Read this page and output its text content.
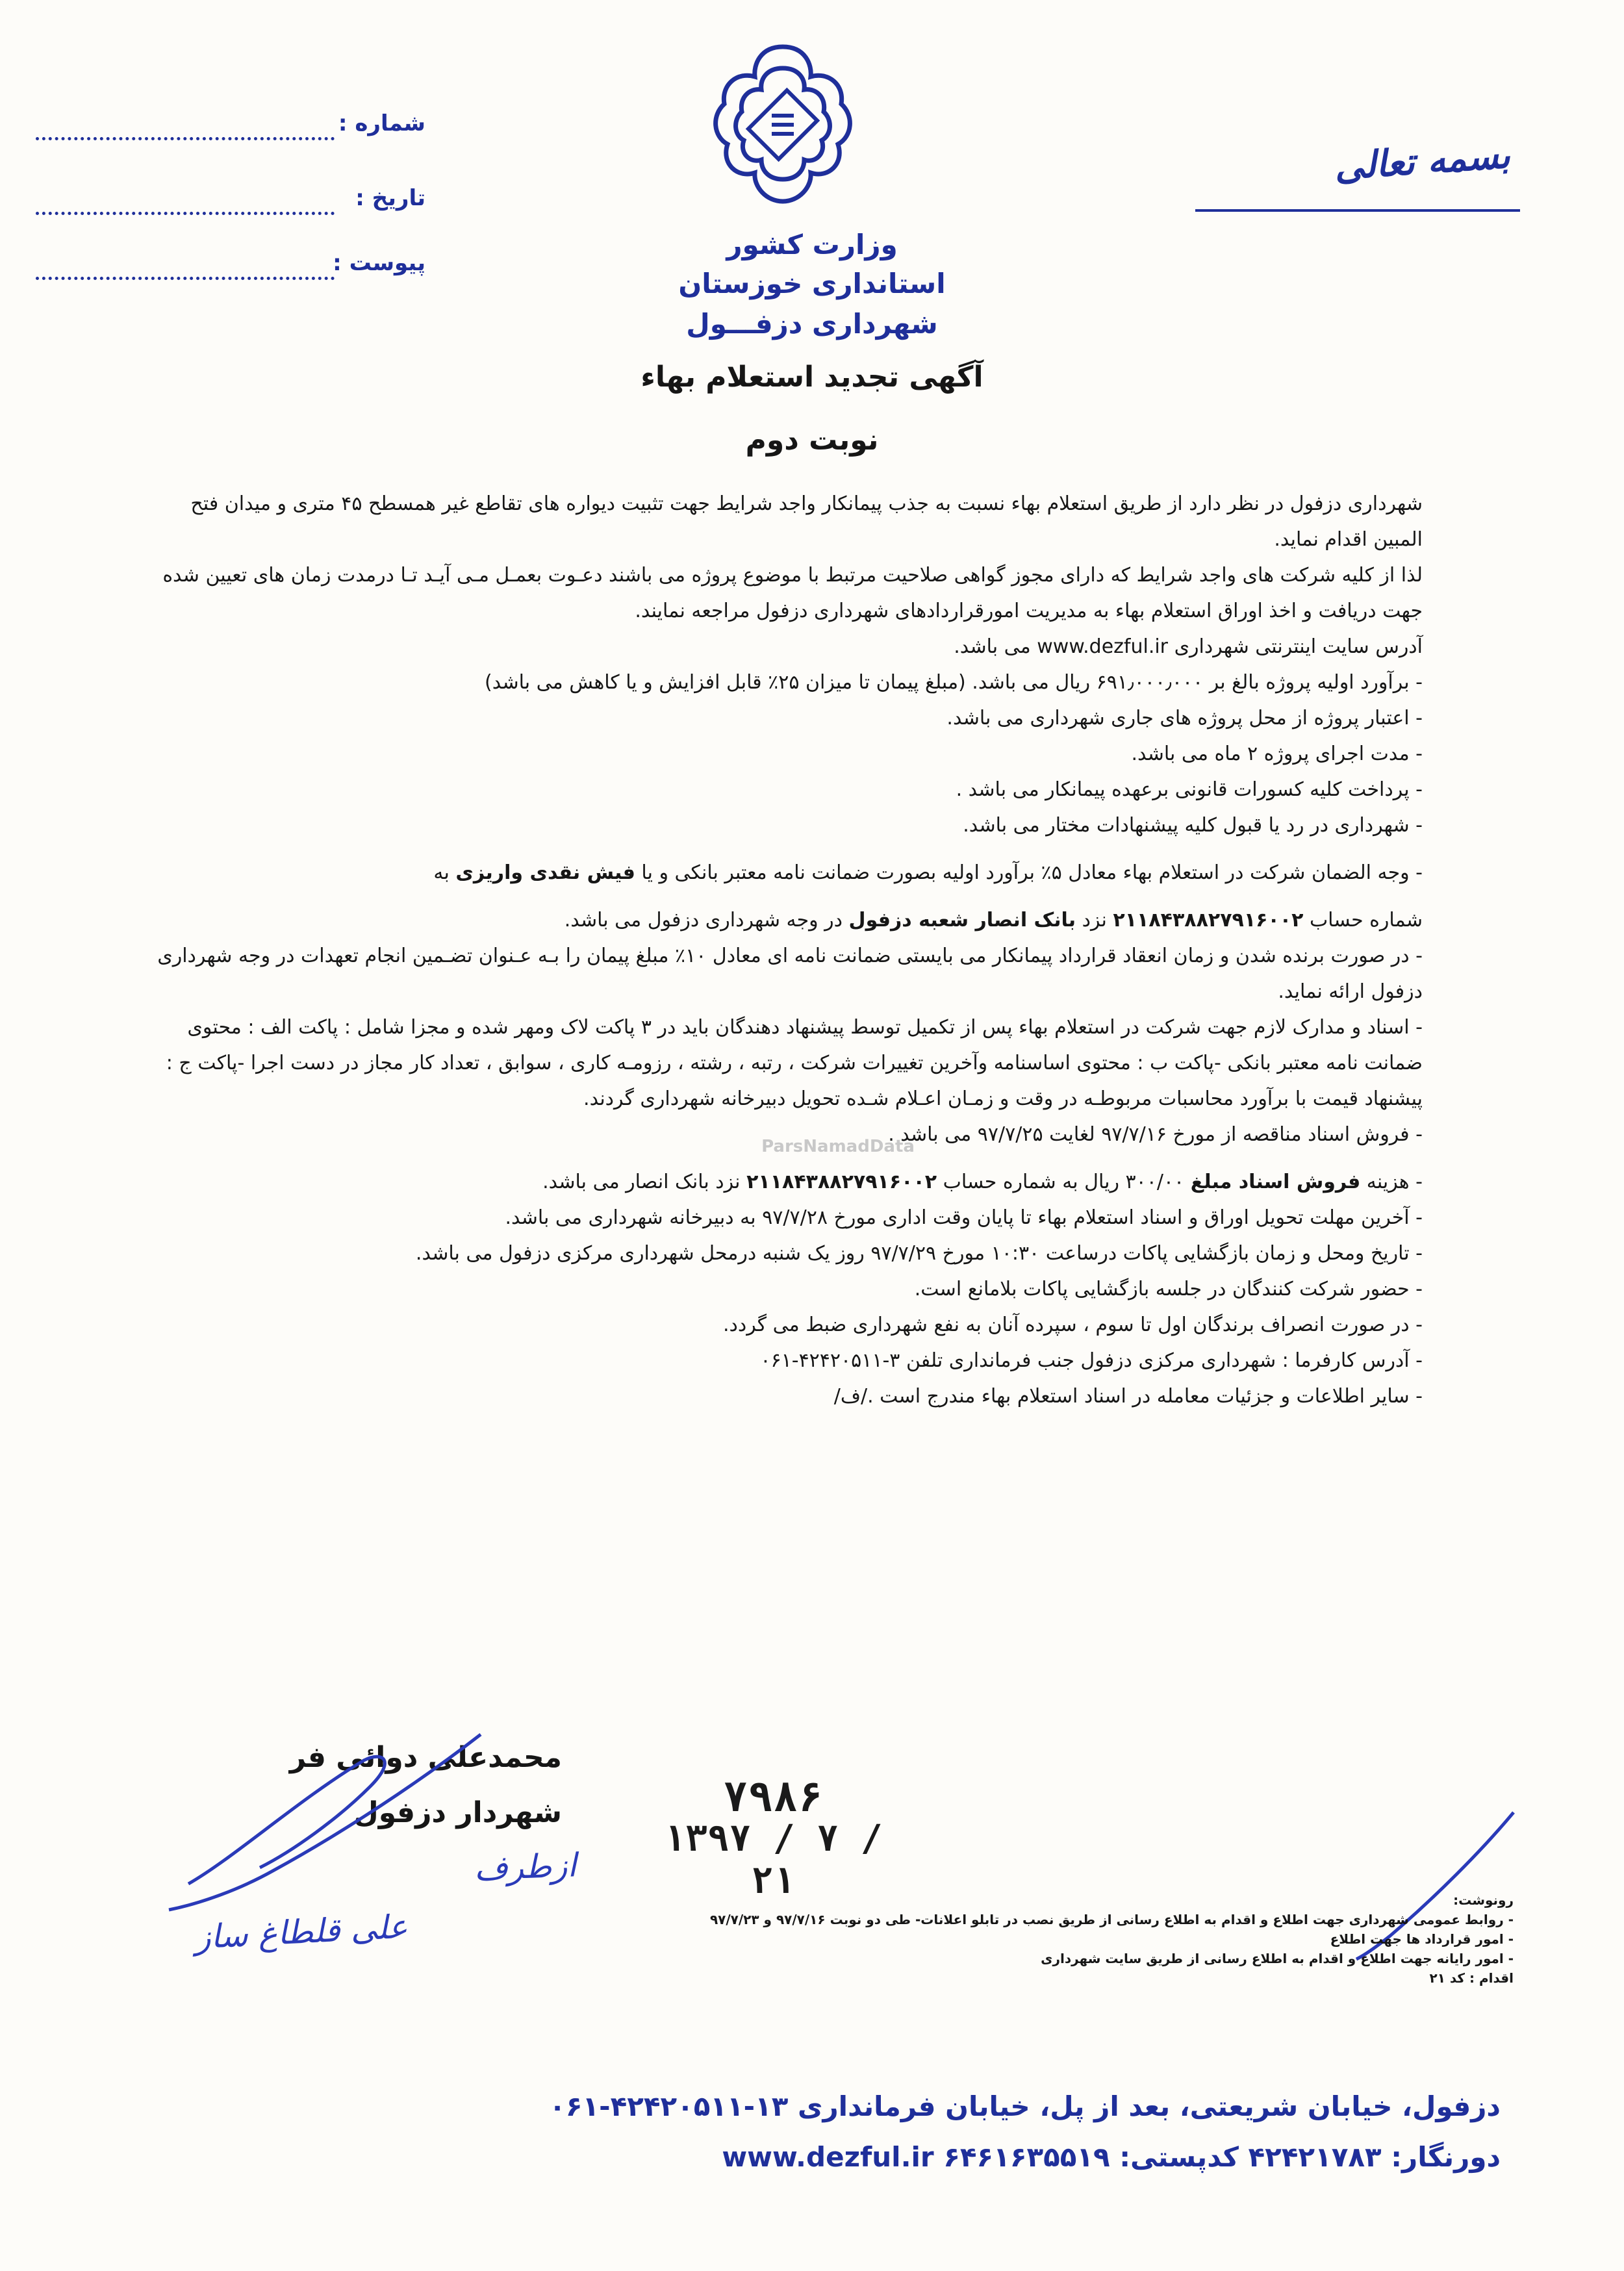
شماره :
تاریخ :
پیوست :
بسمه تعالی
وزارت کشور
استانداری خوزستان
شهرداری دزفـــول
آگهی تجدید استعلام بهاء
نوبت دوم

شهرداری دزفول در نظر دارد از طریق استعلام بهاء نسبت به جذب پیمانکار واجد شرایط جهت تثبیت دیواره های تقاطع غیر همسطح ۴۵ متری و میدان فتح المبین اقدام نماید.

لذا از کلیه شرکت های واجد شرایط که دارای مجوز گواهی صلاحیت مرتبط با موضوع پروژه می باشند دعـوت بعمـل مـی آیـد تـا درمدت زمان های تعیین شده جهت دریافت و اخذ اوراق استعلام بهاء به مدیریت امورقراردادهای شهرداری دزفول مراجعه نمایند.

آدرس سایت اینترنتی شهرداری www.dezful.ir می باشد.

- برآورد اولیه پروژه بالغ بر ۶۹۱٫۰۰۰٫۰۰۰ ریال می باشد. (مبلغ پیمان تا میزان ۲۵٪ قابل افزایش و یا کاهش می باشد)

- اعتبار پروژه از محل پروژه های جاری شهرداری می باشد.

- مدت اجرای پروژه ۲ ماه می باشد.

- پرداخت کلیه کسورات قانونی برعهده پیمانکار می باشد .

- شهرداری در رد یا قبول کلیه پیشنهادات مختار می باشد.

- وجه الضمان شرکت در استعلام بهاء معادل ۵٪ برآورد اولیه بصورت ضمانت نامه معتبر بانکی و یا فیش نقدی واریزی به

شماره حساب ۲۱۱۸۴۳۸۸۲۷۹۱۶۰۰۲ نزد بانک انصار شعبه دزفول در وجه شهرداری دزفول می باشد.

- در صورت برنده شدن و زمان انعقاد قرارداد پیمانکار می بایستی ضمانت نامه ای معادل ۱۰٪ مبلغ پیمان را بـه عـنوان تضـمین انجام تعهدات در وجه شهرداری دزفول ارائه نماید.

- اسناد و مدارک لازم جهت شرکت در استعلام بهاء پس از تکمیل توسط پیشنهاد دهندگان باید در ۳ پاکت لاک ومهر شده و مجزا شامل : پاکت الف : محتوی ضمانت نامه معتبر بانکی -پاکت ب : محتوی اساسنامه وآخرین تغییرات شرکت ، رتبه ، رشته ، رزومـه کاری ، سوابق ، تعداد کار مجاز در دست اجرا -پاکت ج : پیشنهاد قیمت با برآورد محاسبات مربوطـه در وقت و زمـان اعـلام شـده تحویل دبیرخانه شهرداری گردند.

- فروش اسناد مناقصه از مورخ ۹۷/۷/۱۶ لغایت ۹۷/۷/۲۵ می باشد .

- هزینه فروش اسناد مبلغ ۳۰۰/۰۰ ریال به شماره حساب ۲۱۱۸۴۳۸۸۲۷۹۱۶۰۰۲ نزد بانک انصار می باشد.

- آخرین مهلت تحویل اوراق و اسناد استعلام بهاء تا پایان وقت اداری مورخ ۹۷/۷/۲۸ به دبیرخانه شهرداری می باشد.

- تاریخ ومحل و زمان بازگشایی پاکات درساعت ۱۰:۳۰ مورخ ۹۷/۷/۲۹ روز یک شنبه درمحل شهرداری مرکزی دزفول می باشد.

- حضور شرکت کنندگان در جلسه بازگشایی پاکات بلامانع است.

- در صورت انصراف برندگان اول تا سوم ، سپرده آنان به نفع شهرداری ضبط می گردد.

- آدرس کارفرما : شهرداری مرکزی دزفول جنب فرمانداری تلفن ۳-۴۲۴۲۰۵۱۱-۰۶۱

- سایر اطلاعات و جزئیات معامله در اسناد استعلام بهاء مندرج است ./ف/

ParsNamadData
محمدعلی دوائی فر
شهردار دزفول	۷۹۸۶
۱۳۹۷ / ۷ / ۲۱
ازطرف
علی قلطاغ ساز

رونوشت:

- روابط عمومی شهرداری جهت اطلاع و اقدام به اطلاع رسانی از طریق نصب در تابلو اعلانات- طی دو نوبت ۹۷/۷/۱۶ و ۹۷/۷/۲۳

- امور قرارداد ها جهت اطلاع

- امور رایانه جهت اطلاع و اقدام به اطلاع رسانی از طریق سایت شهرداری

اقدام : کد ۲۱

دزفول، خیابان شریعتی، بعد از پل، خیابان فرمانداری ۱۳-۴۲۴۲۰۵۱۱-۰۶۱
دورنگار: ۴۲۴۲۱۷۸۳ کدپستی: ۶۴۶۱۶۳۵۵۱۹ www.dezful.ir
